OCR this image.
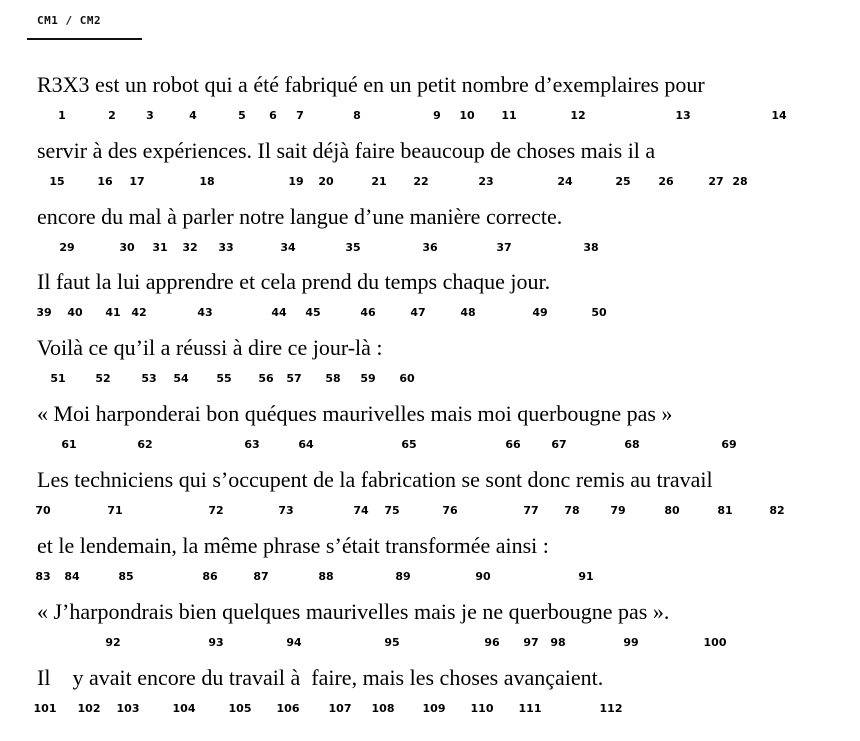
CM1 / CM2
R3X3 est un robot qui a été fabriqué en un petit nombre d’exemplaires pour
1	2	3	4	5 6 7	8	9 10 11	12	13	14
servir à des expériences. Il sait déjà faire beaucoup de choses mais il a
15	16 17	18	19 20	21 22	23	24	25	26	27 28
encore du mal à parler notre langue d’une manière correcte.
29	30 31 32 33	34	35	36	37	38
Il faut la lui apprendre et cela prend du temps chaque jour.
39 40 41 42	43	44 45	46	47	48	49	50
Voilà ce qu’il a réussi à dire ce jour-là :
51	52	53 54	55 56 57 58 59 60
« Moi harponderai bon quéques maurivelles mais moi querbougne pas »
61	62	63	64	65	66	67	68	69
Les techniciens qui s’occupent de la fabrication se sont donc remis au travail
70	71	72	73	74 75	76	77 78	79	80	81	82
et le lendemain, la même phrase s’était transformée ainsi :
83 84	85	86	87	88	89	90	91
« J’harpondrais bien quelques maurivelles mais je ne querbougne pas ».
92	93	94	95	96 97 98	99	100
Il    y avait encore du travail à  faire, mais les choses avançaient.
101 102 103	104	105 106	107 108	109 110 111	112
